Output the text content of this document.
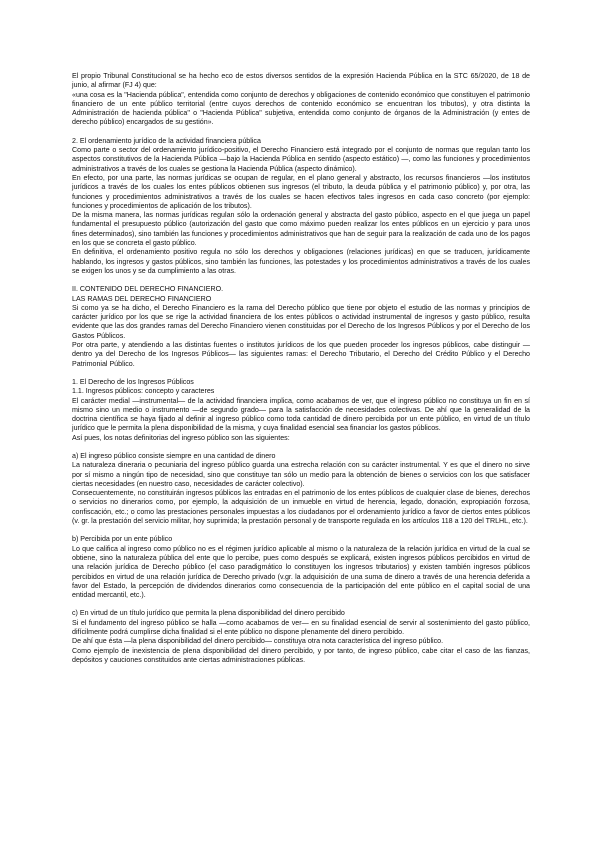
El propio Tribunal Constitucional se ha hecho eco de estos diversos sentidos de la expresión Hacienda Pública en la STC 65/2020, de 18 de junio, al afirmar (FJ 4) que:

«una cosa es la "Hacienda pública", entendida como conjunto de derechos y obligaciones de contenido económico que constituyen el patrimonio financiero de un ente público territorial (entre cuyos derechos de contenido económico se encuentran los tributos), y otra distinta la Administración de hacienda pública" o "Hacienda Pública" subjetiva, entendida como conjunto de órganos de la Administración (y entes de derecho público) encargados de su gestión».

2. El ordenamiento jurídico de la actividad financiera pública

Como parte o sector del ordenamiento jurídico-positivo, el Derecho Financiero está integrado por el conjunto de normas que regulan tanto los aspectos constitutivos de la Hacienda Pública —bajo la Hacienda Pública en sentido (aspecto estático) —, como las funciones y procedimientos administrativos a través de los cuales se gestiona la Hacienda Pública (aspecto dinámico).

En efecto, por una parte, las normas jurídicas se ocupan de regular, en el plano general y abstracto, los recursos financieros —los institutos jurídicos a través de los cuales los entes públicos obtienen sus ingresos (el tributo, la deuda pública y el patrimonio público) y, por otra, las funciones y procedimientos administrativos a través de los cuales se hacen efectivos tales ingresos en cada caso concreto (por ejemplo: funciones y procedimientos de aplicación de los tributos).

De la misma manera, las normas jurídicas regulan sólo la ordenación general y abstracta del gasto público, aspecto en el que juega un papel fundamental el presupuesto público (autorización del gasto que como máximo pueden realizar los entes públicos en un ejercicio y para unos fines determinados), sino también las funciones y procedimientos administrativos que han de seguir para la realización de cada uno de los pagos en los que se concreta el gasto público.

En definitiva, el ordenamiento positivo regula no sólo los derechos y obligaciones (relaciones jurídicas) en que se traducen, jurídicamente hablando, los ingresos y gastos públicos, sino también las funciones, las potestades y los procedimientos administrativos a través de los cuales se exigen los unos y se da cumplimiento a las otras.

II. CONTENIDO DEL DERECHO FINANCIERO.

LAS RAMAS DEL DERECHO FINANCIERO

Si como ya se ha dicho, el Derecho Financiero es la rama del Derecho público que tiene por objeto el estudio de las normas y principios de carácter jurídico por los que se rige la actividad financiera de los entes públicos o actividad instrumental de ingresos y gasto público, resulta evidente que las dos grandes ramas del Derecho Financiero vienen constituidas por el Derecho de los Ingresos Públicos y por el Derecho de los Gastos Públicos.

Por otra parte, y atendiendo a las distintas fuentes o institutos jurídicos de los que pueden proceder los ingresos públicos, cabe distinguir —dentro ya del Derecho de los Ingresos Públicos— las siguientes ramas: el Derecho Tributario, el Derecho del Crédito Público y el Derecho Patrimonial Público.

1. El Derecho de los Ingresos Públicos

1.1. Ingresos públicos: concepto y caracteres

El carácter medial —instrumental— de la actividad financiera implica, como acabamos de ver, que el ingreso público no constituya un fin en sí mismo sino un medio o instrumento —de segundo grado— para la satisfacción de necesidades colectivas. De ahí que la generalidad de la doctrina científica se haya fijado al definir al ingreso público como toda cantidad de dinero percibida por un ente público, en virtud de un título jurídico que le permita la plena disponibilidad de la misma, y cuya finalidad esencial sea financiar los gastos públicos.

Así pues, los notas definitorias del ingreso público son las siguientes:

a) El ingreso público consiste siempre en una cantidad de dinero

La naturaleza dineraria o pecuniaria del ingreso público guarda una estrecha relación con su carácter instrumental. Y es que el dinero no sirve por sí mismo a ningún tipo de necesidad, sino que constituye tan sólo un medio para la obtención de bienes o servicios con los que satisfacer ciertas necesidades (en nuestro caso, necesidades de carácter colectivo).

Consecuentemente, no constituirán ingresos públicos las entradas en el patrimonio de los entes públicos de cualquier clase de bienes, derechos o servicios no dinerarios como, por ejemplo, la adquisición de un inmueble en virtud de herencia, legado, donación, expropiación forzosa, confiscación, etc.; o como las prestaciones personales impuestas a los ciudadanos por el ordenamiento jurídico a favor de ciertos entes públicos (v. gr. la prestación del servicio militar, hoy suprimida; la prestación personal y de transporte regulada en los artículos 118 a 120 del TRLHL, etc.).

b) Percibida por un ente público

Lo que califica al ingreso como público no es el régimen jurídico aplicable al mismo o la naturaleza de la relación jurídica en virtud de la cual se obtiene, sino la naturaleza pública del ente que lo percibe, pues como después se explicará, existen ingresos públicos percibidos en virtud de una relación jurídica de Derecho público (el caso paradigmático lo constituyen los ingresos tributarios) y existen también ingresos públicos percibidos en virtud de una relación jurídica de Derecho privado (v.gr. la adquisición de una suma de dinero a través de una herencia deferida a favor del Estado, la percepción de dividendos dinerarios como consecuencia de la participación del ente público en el capital social de una entidad mercantil, etc.).

c) En virtud de un título jurídico que permita la plena disponibilidad del dinero percibido

Si el fundamento del ingreso público se halla —como acabamos de ver— en su finalidad esencial de servir al sostenimiento del gasto público, difícilmente podrá cumplirse dicha finalidad si el ente público no dispone plenamente del dinero percibido.

De ahí que ésta —la plena disponibilidad del dinero percibido— constituya otra nota característica del ingreso público.

Como ejemplo de inexistencia de plena disponibilidad del dinero percibido, y por tanto, de ingreso público, cabe citar el caso de las fianzas, depósitos y cauciones constituidos ante ciertas administraciones públicas.
